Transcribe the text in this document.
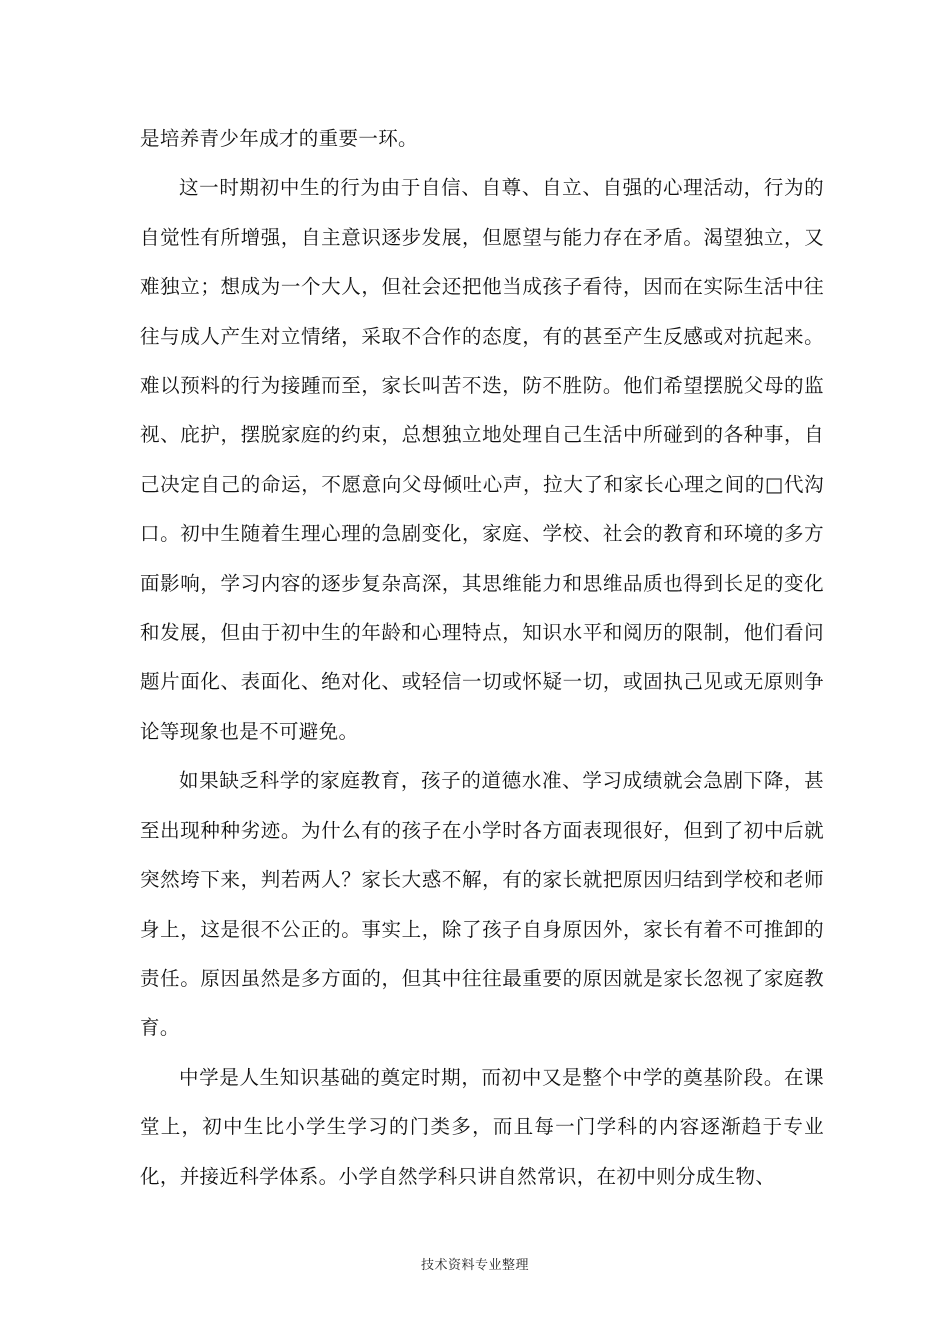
是培养青少年成才的重要一环。

这一时期初中生的行为由于自信、自尊、自立、自强的心理活动，行为的自觉性有所增强，自主意识逐步发展，但愿望与能力存在矛盾。渴望独立，又难独立；想成为一个大人，但社会还把他当成孩子看待，因而在实际生活中往往与成人产生对立情绪，采取不合作的态度，有的甚至产生反感或对抗起来。难以预料的行为接踵而至，家长叫苦不迭，防不胜防。他们希望摆脱父母的监视、庇护，摆脱家庭的约束，总想独立地处理自己生活中所碰到的各种事，自己决定自己的命运，不愿意向父母倾吐心声，拉大了和家长心理之间的□代沟口。初中生随着生理心理的急剧变化，家庭、学校、社会的教育和环境的多方面影响，学习内容的逐步复杂高深，其思维能力和思维品质也得到长足的变化和发展，但由于初中生的年龄和心理特点，知识水平和阅历的限制，他们看问题片面化、表面化、绝对化、或轻信一切或怀疑一切，或固执己见或无原则争论等现象也是不可避免。

如果缺乏科学的家庭教育，孩子的道德水准、学习成绩就会急剧下降，甚至出现种种劣迹。为什么有的孩子在小学时各方面表现很好，但到了初中后就突然垮下来，判若两人？家长大惑不解，有的家长就把原因归结到学校和老师身上，这是很不公正的。事实上，除了孩子自身原因外，家长有着不可推卸的责任。原因虽然是多方面的，但其中往往最重要的原因就是家长忽视了家庭教育。

中学是人生知识基础的奠定时期，而初中又是整个中学的奠基阶段。在课堂上，初中生比小学生学习的门类多，而且每一门学科的内容逐渐趋于专业化，并接近科学体系。小学自然学科只讲自然常识，在初中则分成生物、

技术资料专业整理
